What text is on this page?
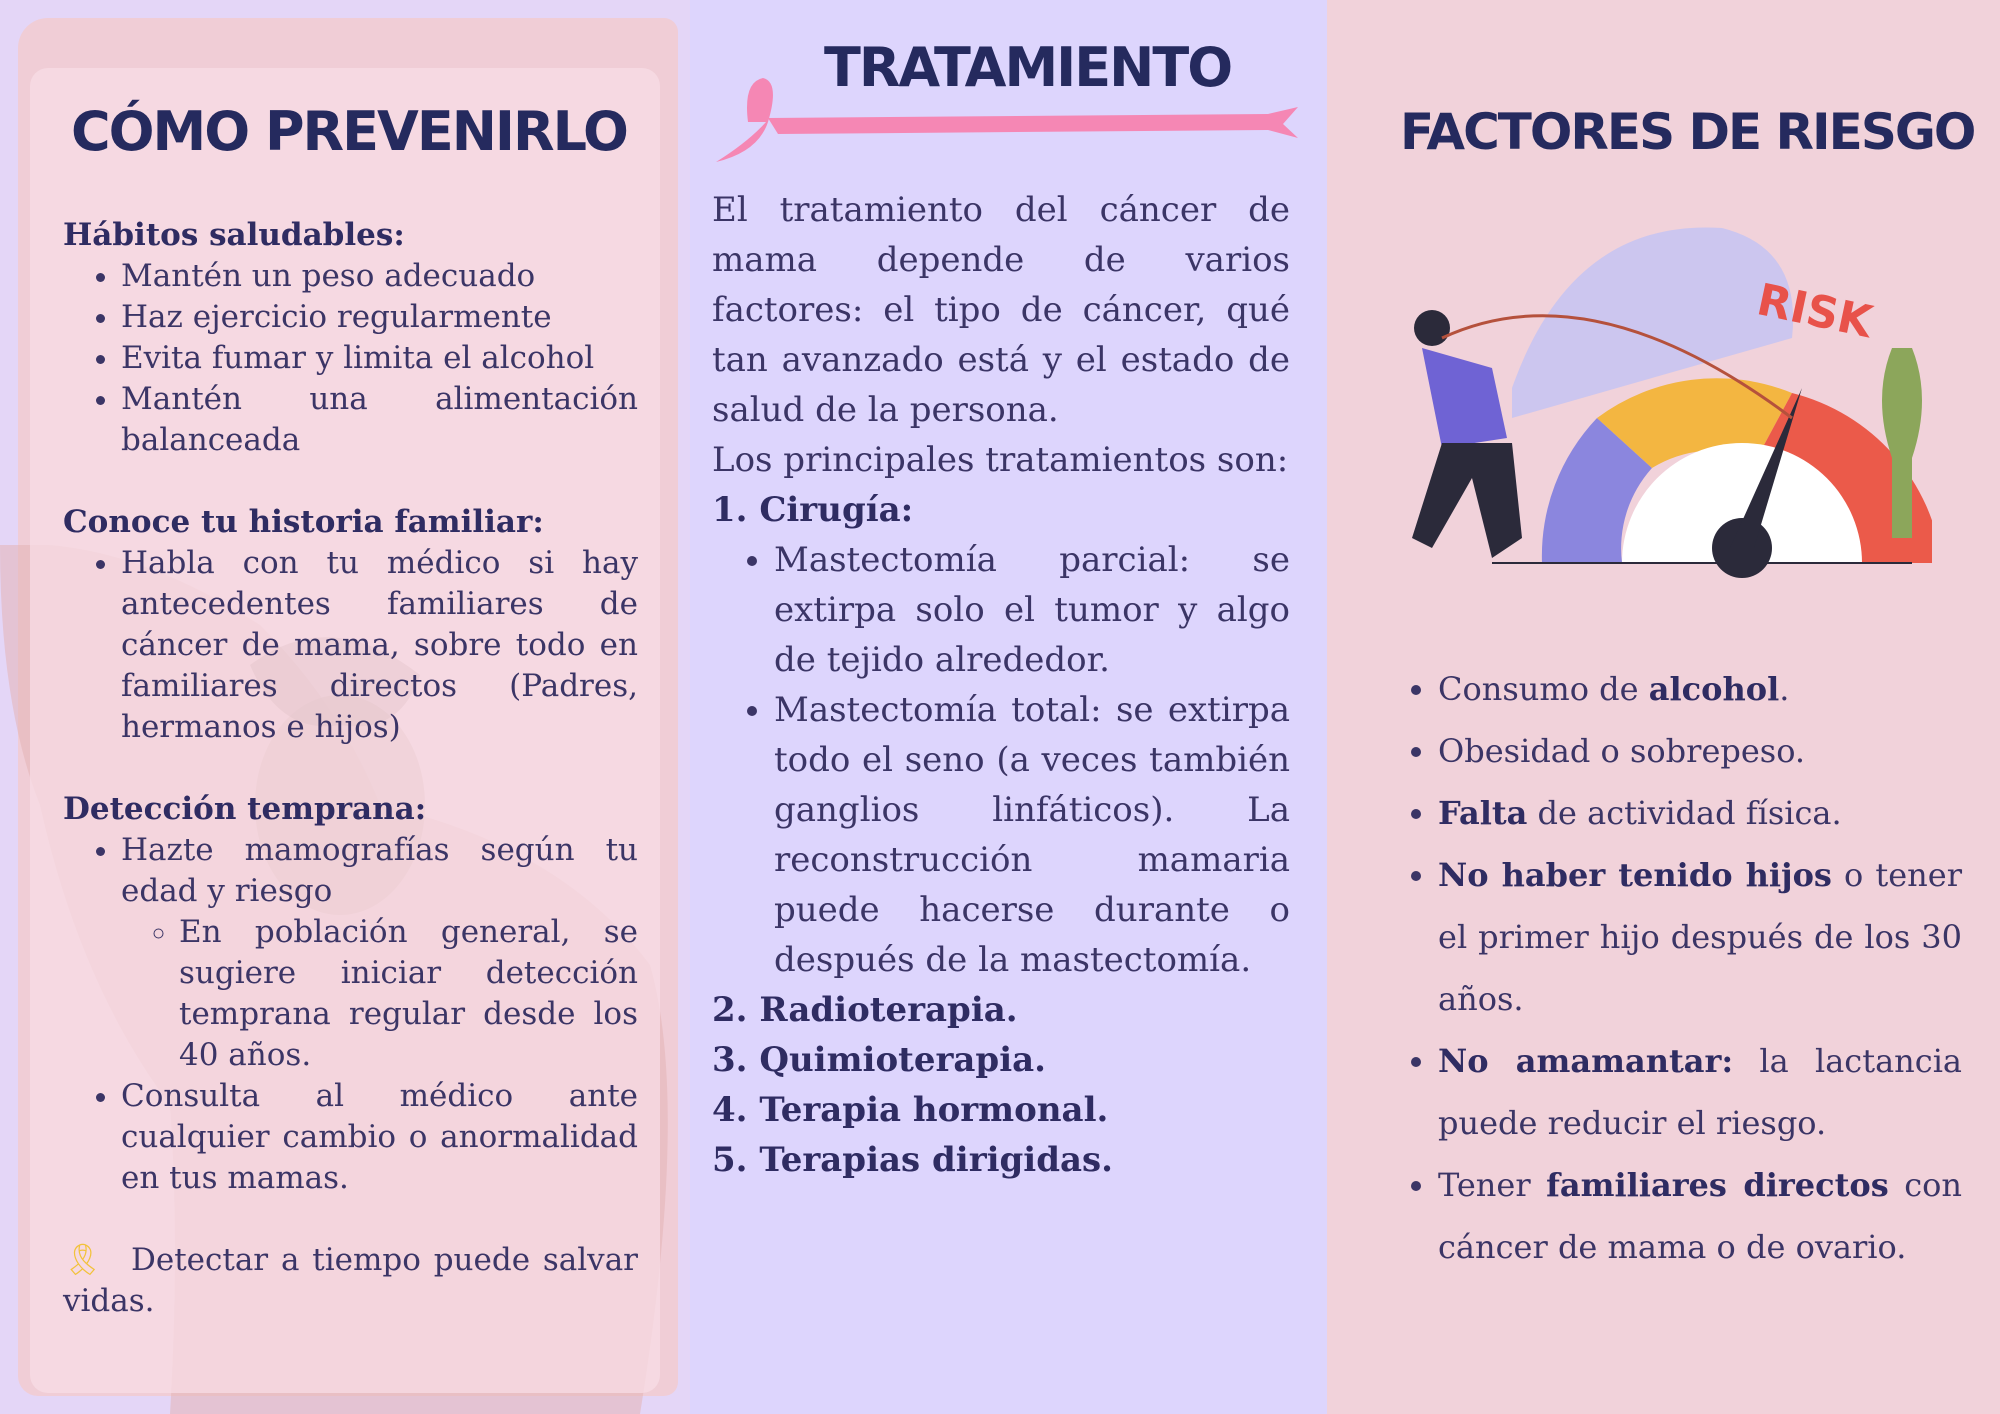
CÓMO PREVENIRLO
Hábitos saludables:
• Mantén un peso adecuado
• Haz ejercicio regularmente
• Evita fumar y limita el alcohol
• Mantén una alimentación balanceada
Conoce tu historia familiar:
• Habla con tu médico si hay antecedentes familiares de cáncer de mama, sobre todo en familiares directos (Padres, hermanos e hijos)
Detección temprana:
• Hazte mamografías según tu edad y riesgo
◦ En población general, se sugiere iniciar detección temprana regular desde los 40 años.
• Consulta al médico ante cualquier cambio o anormalidad en tus mamas.

🎗 Detectar a tiempo puede salvar vidas.

TRATAMIENTO

El tratamiento del cáncer de mama depende de varios factores: el tipo de cáncer, qué tan avanzado está y el estado de salud de la persona.

Los principales tratamientos son:

1. Cirugía:

• Mastectomía parcial: se extirpa solo el tumor y algo de tejido alrededor.
• Mastectomía total: se extirpa todo el seno (a veces también ganglios linfáticos). La reconstrucción mamaria puede hacerse durante o después de la mastectomía.

2. Radioterapia.

3. Quimioterapia.

4. Terapia hormonal.

5. Terapias dirigidas.

FACTORES DE RIESGO
RISK
• Consumo de alcohol.
• Obesidad o sobrepeso.
• Falta de actividad física.
• No haber tenido hijos o tener el primer hijo después de los 30 años.
• No amamantar: la lactancia puede reducir el riesgo.
• Tener familiares directos con cáncer de mama o de ovario.
